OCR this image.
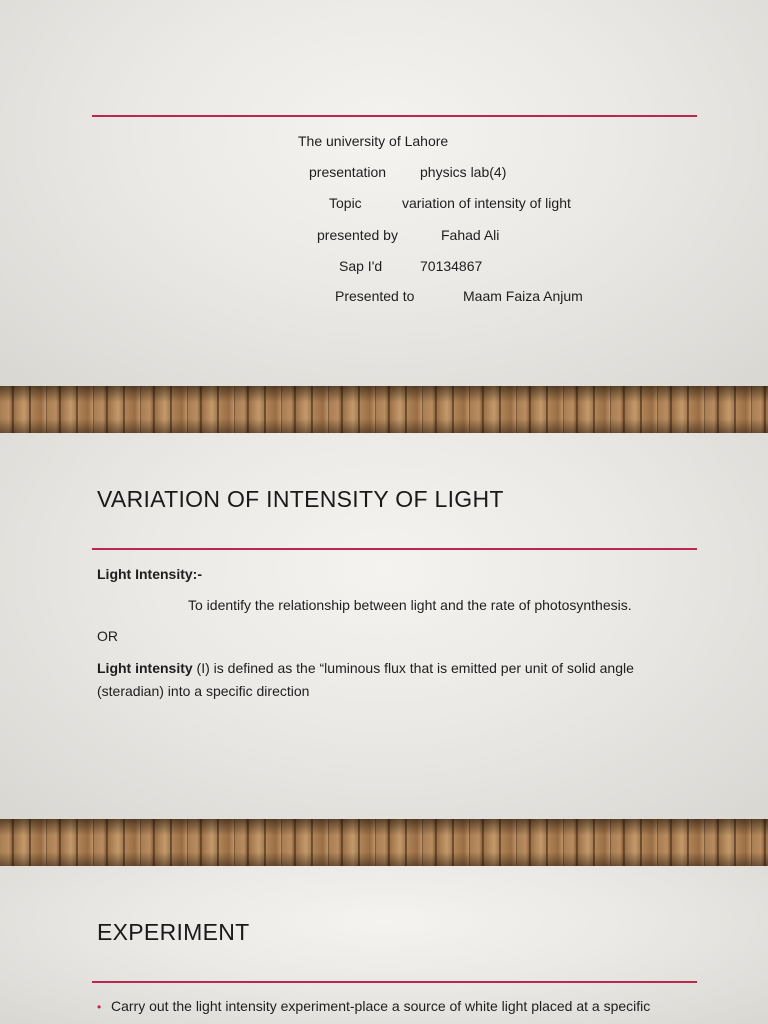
The university of Lahore
presentation physics lab(4)
Topic	variation of intensity of light
presented by	Fahad Ali
Sap I'd	70134867
Presented to	Maam Faiza Anjum
VARIATION OF INTENSITY OF LIGHT
Light Intensity:-
To identify the relationship between light and the rate of photosynthesis.
OR
Light intensity (I) is defined as the “luminous flux that is emitted per unit of solid angle (steradian) into a specific direction
EXPERIMENT
• Carry out the light intensity experiment-place a source of white light placed at a specific
